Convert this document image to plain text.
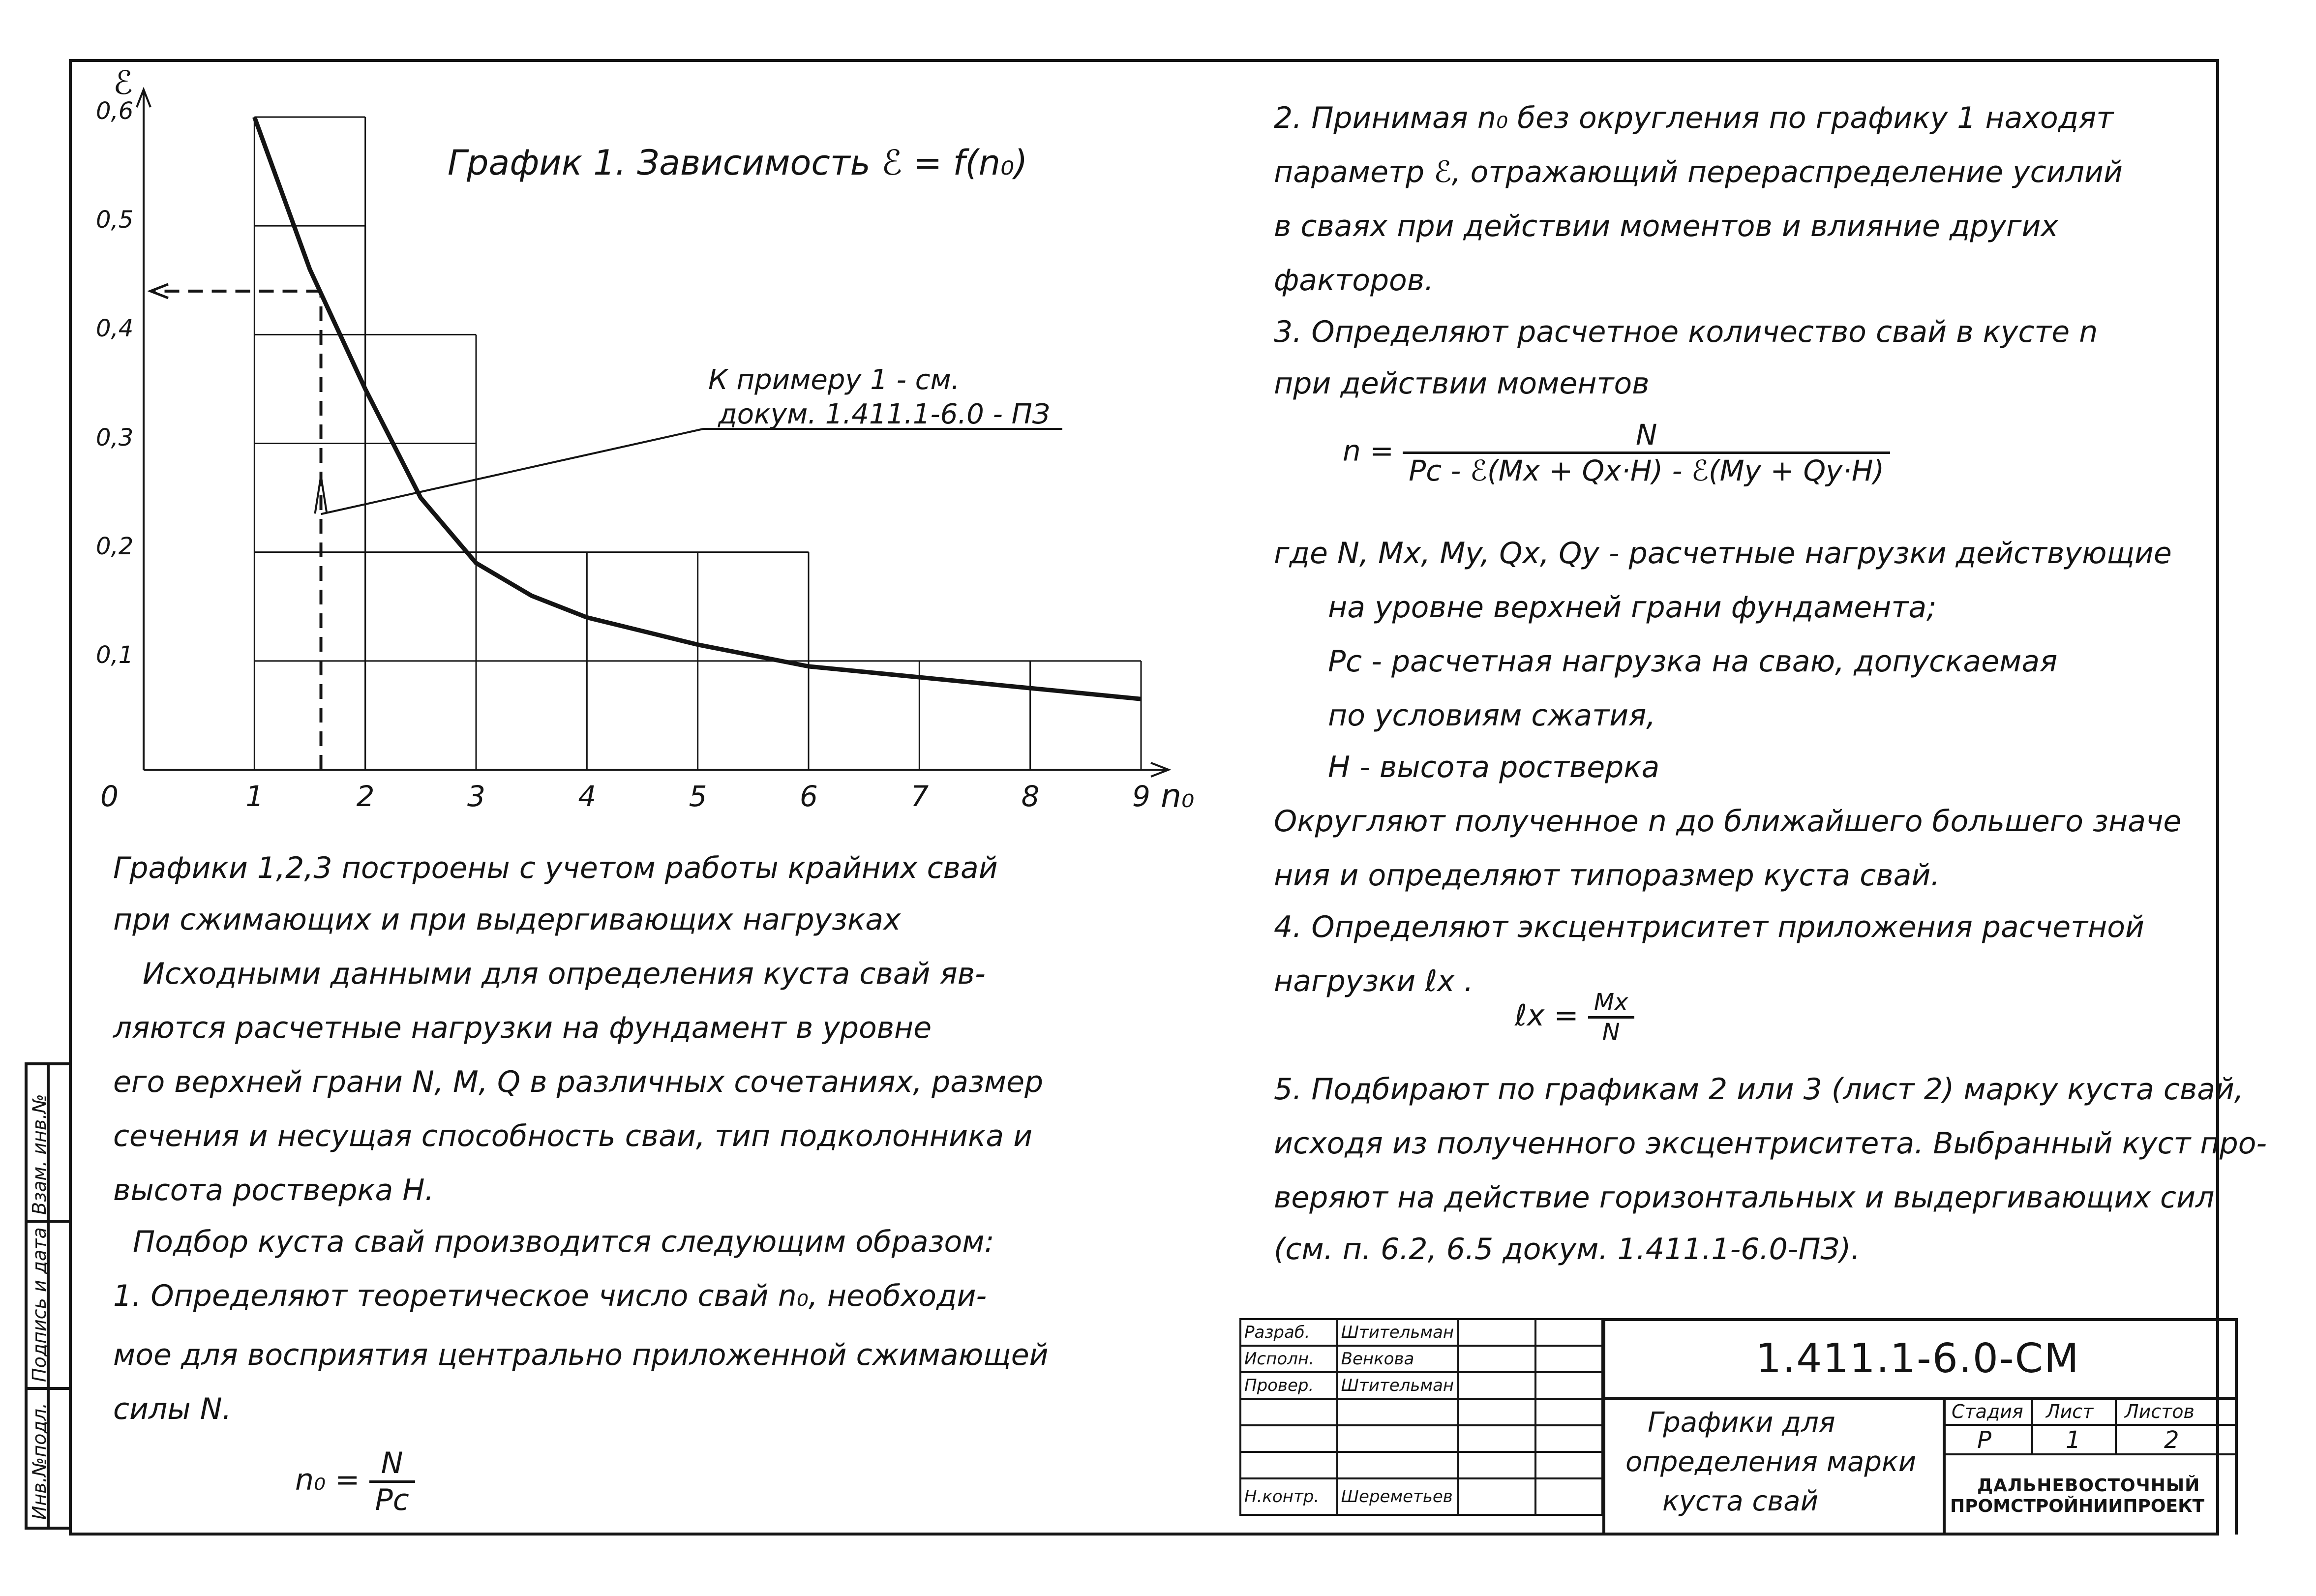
Инв.№подл.
Подпись и дата
Взам. инв.№
График 1. Зависимость ℰ = f(n₀)
ℰ
n₀
К примеру 1 - см.
докум. 1.411.1-6.0 - ПЗ
0	1	2	3	4	5	6	7	8	9
0,1
0,2
0,3
0,4
0,5
0,6
Графики 1,2,3 построены с учетом работы крайних свай
при сжимающих и при выдергивающих нагрузках
Исходными данными для определения куста свай яв-
ляются расчетные нагрузки на фундамент в уровне
его верхней грани N, M, Q в различных сочетаниях, размер
сечения и несущая способность сваи, тип подколонника и
высота ростверка H.
Подбор куста свай производится следующим образом:
1. Определяют теоретическое число свай n₀, необходи-
мое для восприятия центрально приложенной сжимающей
силы N.
$n_0 = \frac{N}{Pc}$
2. Принимая n₀ без округления по графику 1 находят
параметр ℰ, отражающий перераспределение усилий
в сваях при действии моментов и влияние других
факторов.
3. Определяют расчетное количество свай в кусте n
при действии моментов
$n = \frac{N}{\text{Pc - ℰ(Mx + Qx·H) - ℰ(My + Qy·H)}}$
где N, Mx, My, Qx, Qy - расчетные нагрузки действующие
на уровне верхней грани фундамента;
Pc - расчетная нагрузка на сваю, допускаемая
по условиям сжатия,
H - высота ростверка
Округляют полученное n до ближайшего большего значе
ния и определяют типоразмер куста свай.
4. Определяют эксцентриситет приложения расчетной
нагрузки ℓx .
ℓx = $\frac{Mx}{N}$
5. Подбирают по графикам 2 или 3 (лист 2) марку куста свай,
исходя из полученного эксцентриситета. Выбранный куст про-
веряют на действие горизонтальных и выдергивающих сил
(см. п. 6.2, 6.5 докум. 1.411.1-6.0-ПЗ).
Разраб.	Штительман		
Исполн.	Венкова		
Провер.	Штительман		

Н.контр.	Шереметьев		
1.411.1-6.0-СМ
Графики для
определения марки
куста свай
Стадия Лист Листов
Р	1	2
ДАЛЬНЕВОСТОЧНЫЙ
ПРОМСТРОЙНИИПРОЕКТ
